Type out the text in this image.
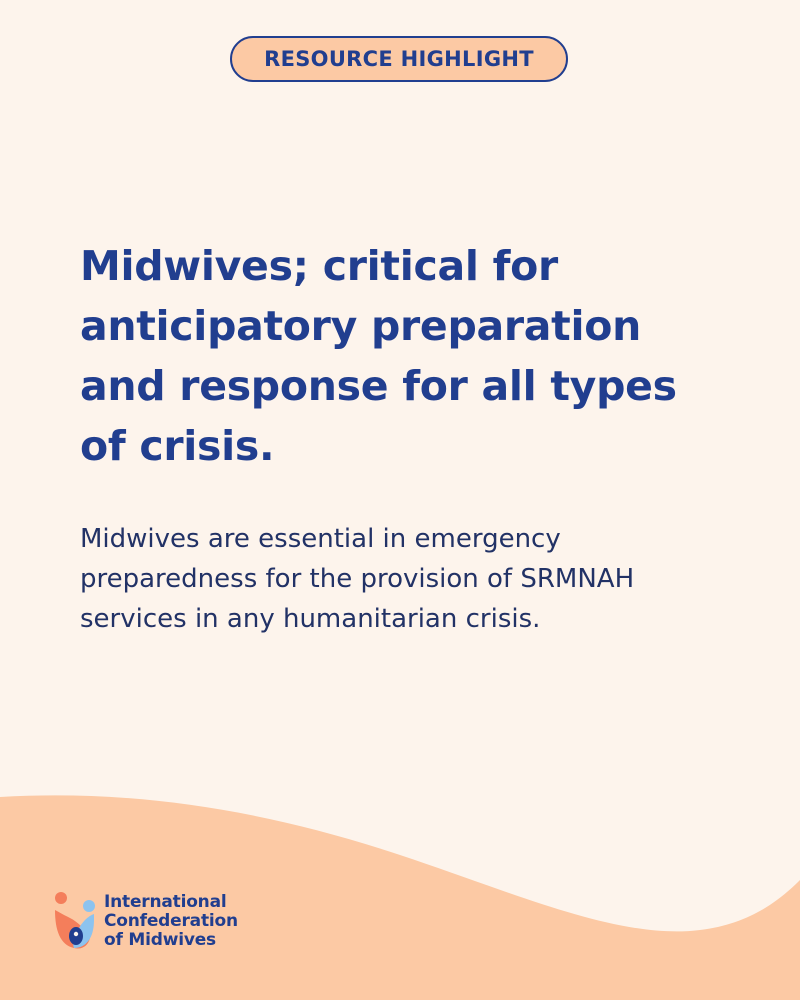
RESOURCE HIGHLIGHT
Midwives; critical for
anticipatory preparation
and response for all types
of crisis.

Midwives are essential in emergency
preparedness for the provision of SRMNAH
services in any humanitarian crisis.

International
Confederation
of Midwives
